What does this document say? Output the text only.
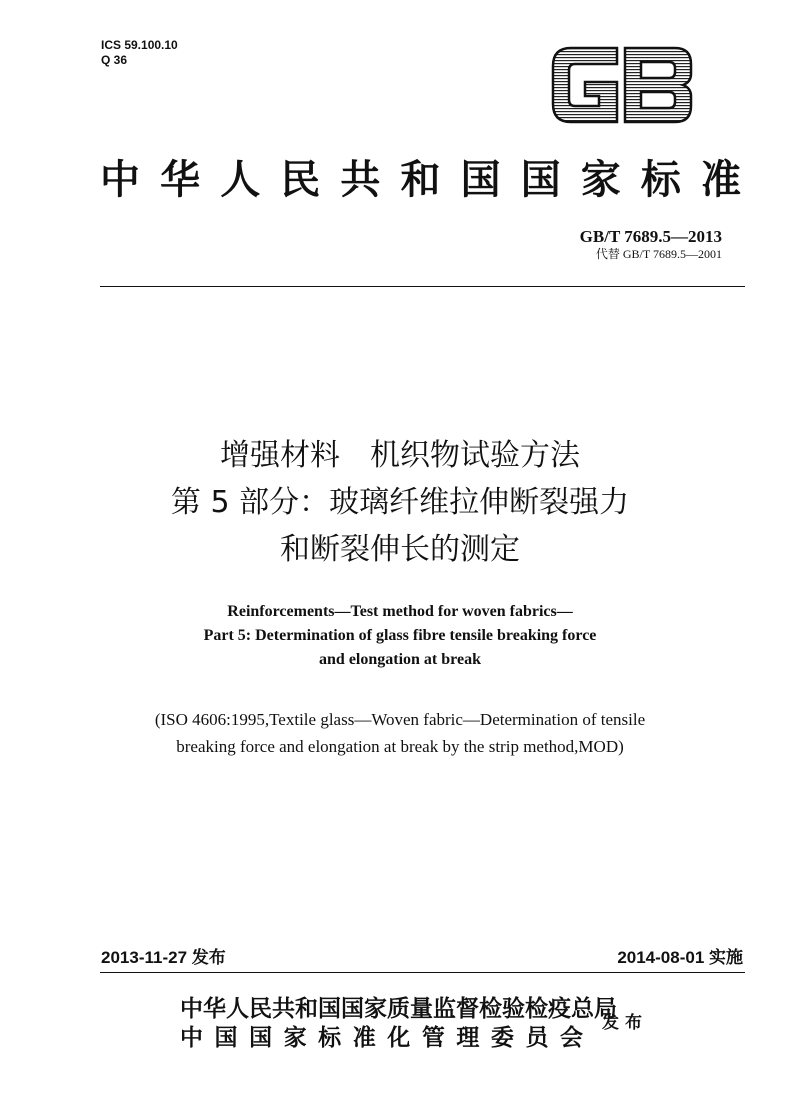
ICS 59.100.10
Q 36
中华人民共和国国家标准
GB/T 7689.5—2013
代替 GB/T 7689.5—2001
增强材料　机织物试验方法
第 5 部分：玻璃纤维拉伸断裂强力
和断裂伸长的测定
Reinforcements—Test method for woven fabrics—
Part 5: Determination of glass fibre tensile breaking force
and elongation at break
(ISO 4606:1995,Textile glass—Woven fabric—Determination of tensile
breaking force and elongation at break by the strip method,MOD)
2013-11-27 发布	2014-08-01 实施
中华人民共和国国家质量监督检验检疫总局
中国国家标准化管理委员会
发布
